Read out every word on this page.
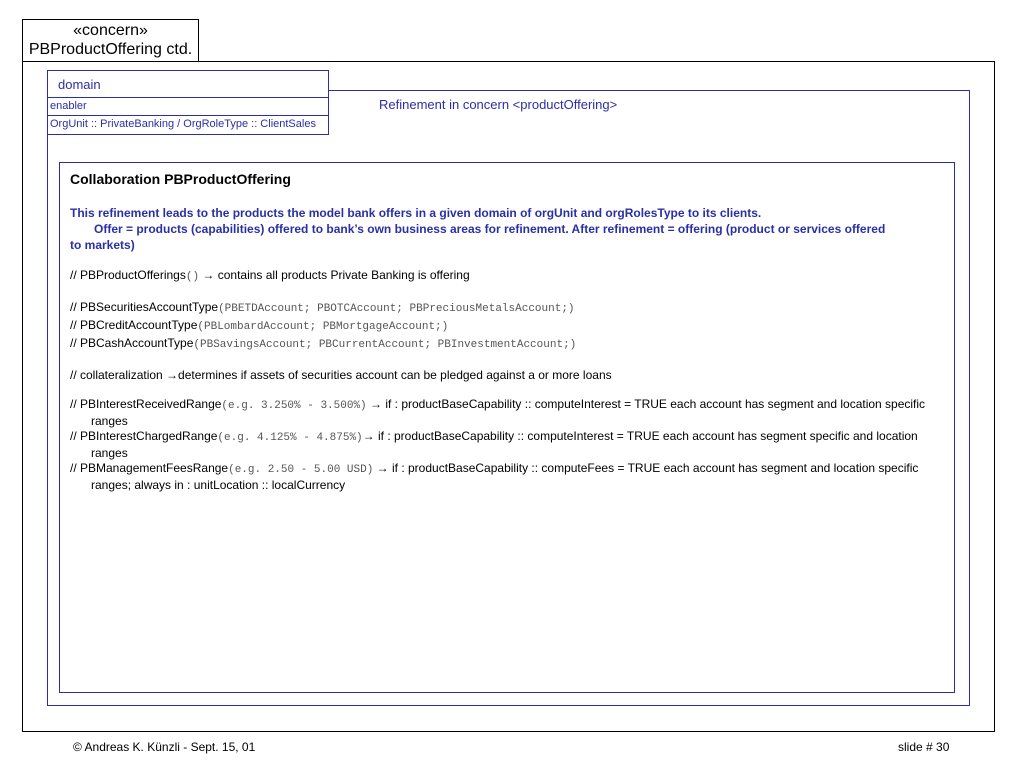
«concern»
PBProductOffering ctd.
domain
enabler
OrgUnit :: PrivateBanking / OrgRoleType :: ClientSales
Refinement in concern <productOffering>
Collaboration PBProductOffering
This refinement leads to the products the model bank offers in a given domain of orgUnit and orgRolesType to its clients.
Offer = products (capabilities) offered to bank’s own business areas for refinement. After refinement = offering (product or services offered
to markets)
// PBProductOfferings() → contains all products Private Banking is offering
// PBSecuritiesAccountType(PBETDAccount; PBOTCAccount; PBPreciousMetalsAccount;)
// PBCreditAccountType(PBLombardAccount; PBMortgageAccount;)
// PBCashAccountType(PBSavingsAccount; PBCurrentAccount; PBInvestmentAccount;)
// collateralization →determines if assets of securities account can be pledged against a or more loans
// PBInterestReceivedRange(e.g. 3.250% - 3.500%) → if : productBaseCapability :: computeInterest = TRUE each account has segment and location specific ranges
// PBInterestChargedRange(e.g. 4.125% - 4.875%)→ if : productBaseCapability :: computeInterest = TRUE each account has segment specific and location ranges
// PBManagementFeesRange(e.g. 2.50 - 5.00 USD) → if : productBaseCapability :: computeFees = TRUE each account has segment and location specific ranges; always in : unitLocation :: localCurrency
© Andreas K. Künzli - Sept. 15, 01	slide # 30
